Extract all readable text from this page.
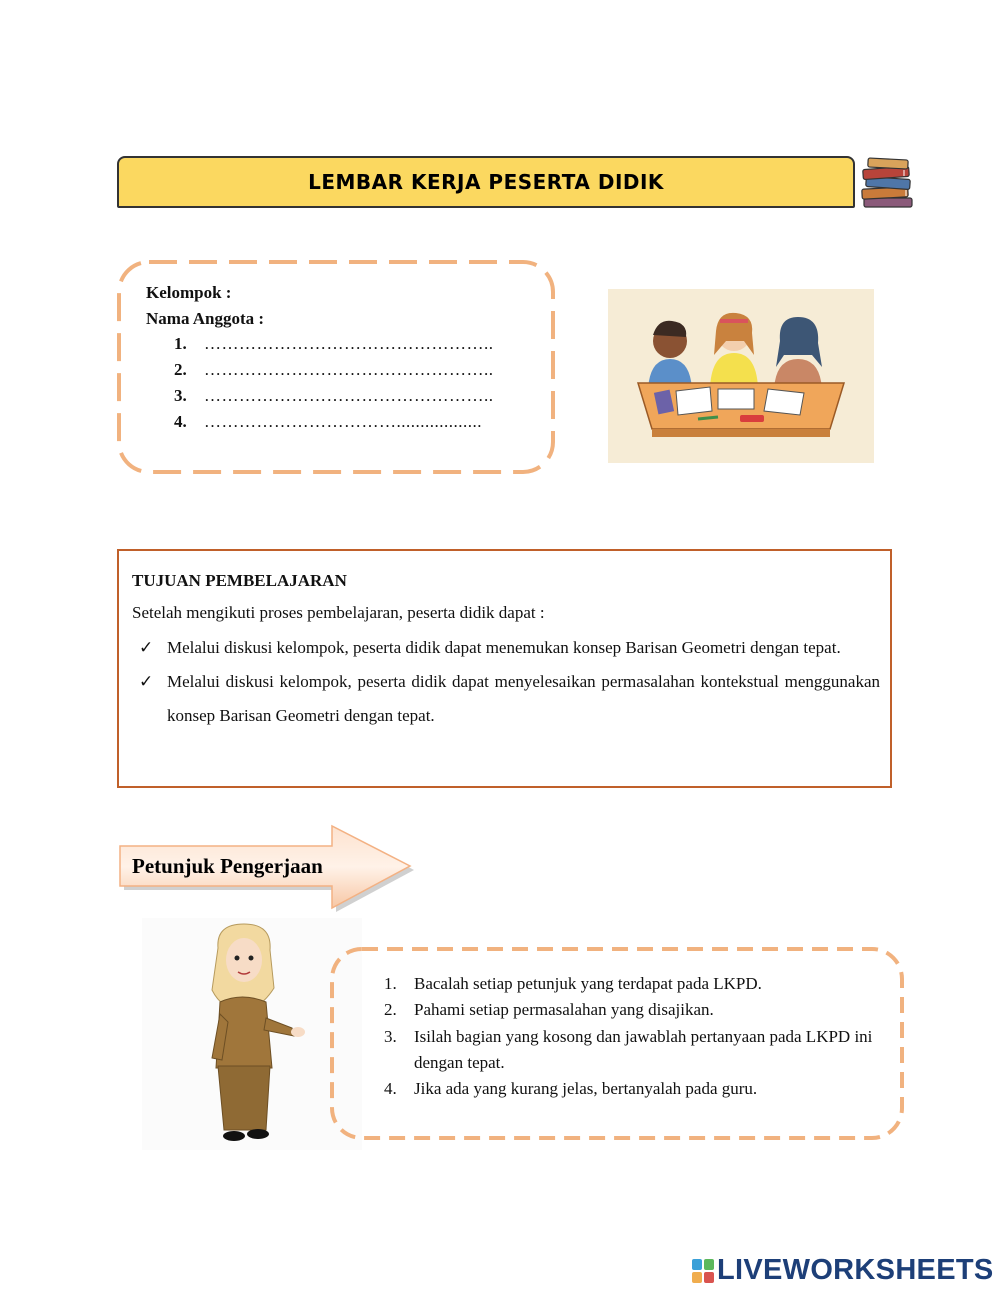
LEMBAR KERJA PESERTA DIDIK
Kelompok :
Nama Anggota :
1.	…………………………………………..
2.	…………………………………………..
3.	…………………………………………..
4.	……………………………..................
TUJUAN PEMBELAJARAN
Setelah mengikuti proses pembelajaran, peserta didik dapat :
✓ Melalui diskusi kelompok, peserta didik dapat menemukan konsep Barisan Geometri dengan tepat.
✓ Melalui diskusi kelompok, peserta didik dapat menyelesaikan permasalahan kontekstual menggunakan konsep Barisan Geometri dengan tepat.
Petunjuk Pengerjaan
1.	Bacalah setiap petunjuk yang terdapat pada LKPD.
2.	Pahami setiap permasalahan yang disajikan.
3.	Isilah bagian yang kosong dan jawablah pertanyaan pada LKPD ini dengan tepat.
4.	Jika ada yang kurang jelas, bertanyalah pada guru.
LIVEWORKSHEETS
